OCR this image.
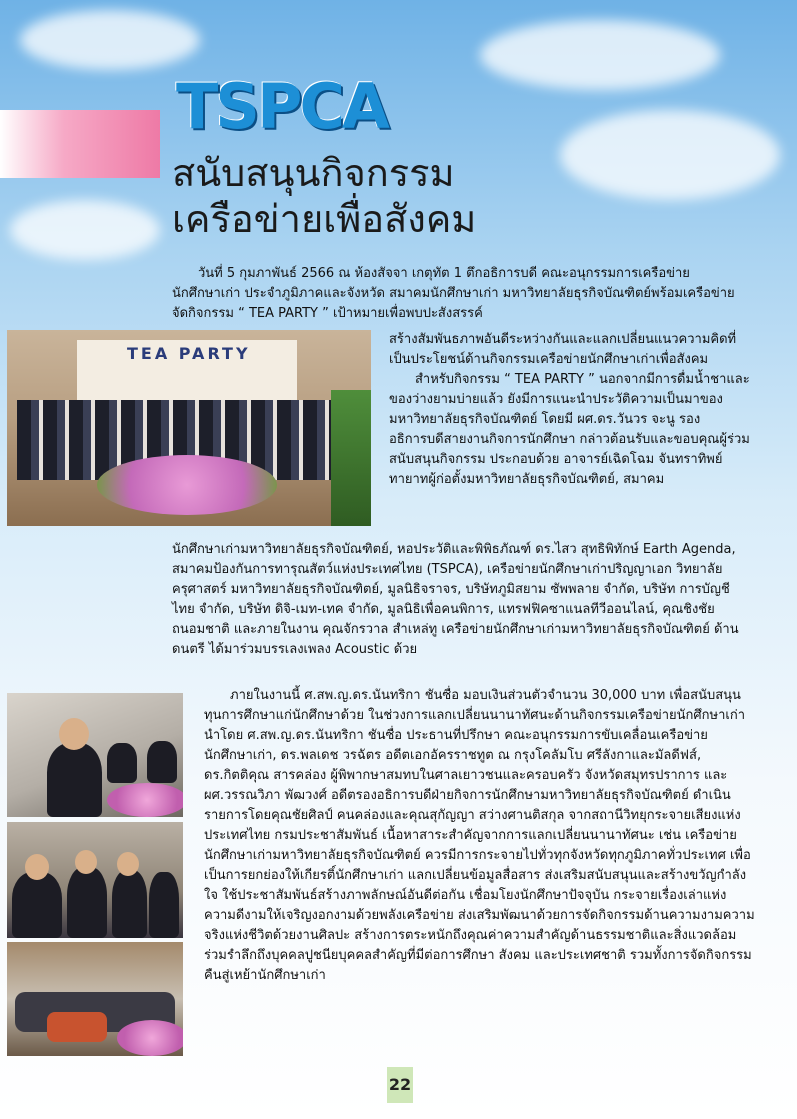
TSPCA
สนับสนุนกิจกรรม
เครือข่ายเพื่อสังคม
วันที่ 5 กุมภาพันธ์ 2566 ณ ห้องสัจจา เกตุทัต 1 ตึกอธิการบดี คณะอนุกรรมการเครือข่ายนักศึกษาเก่า ประจำภูมิภาคและจังหวัด สมาคมนักศึกษาเก่า มหาวิทยาลัยธุรกิจบัณฑิตย์พร้อมเครือข่าย จัดกิจกรรม “ TEA PARTY ” เป้าหมายเพื่อพบปะสังสรรค์
TEA PARTY

สร้างสัมพันธภาพอันดีระหว่างกันและแลกเปลี่ยนแนวความคิดที่เป็นประโยชน์ด้านกิจกรรมเครือข่ายนักศึกษาเก่าเพื่อสังคม

สำหรับกิจกรรม “ TEA PARTY ” นอกจากมีการดื่มน้ำชาและของว่างยามบ่ายแล้ว ยังมีการแนะนำประวัติความเป็นมาของมหาวิทยาลัยธุรกิจบัณฑิตย์ โดยมี ผศ.ดร.วันวร จะนู รองอธิการบดีสายงานกิจการนักศึกษา กล่าวต้อนรับและขอบคุณผู้ร่วมสนับสนุนกิจกรรม ประกอบด้วย อาจารย์เฉิดโฉม จันทราทิพย์ ทายาทผู้ก่อตั้งมหาวิทยาลัยธุรกิจบัณฑิตย์, สมาคม

นักศึกษาเก่ามหาวิทยาลัยธุรกิจบัณฑิตย์, หอประวัติและพิพิธภัณฑ์ ดร.ไสว สุทธิพิทักษ์ Earth Agenda, สมาคมป้องกันการทารุณสัตว์แห่งประเทศไทย (TSPCA), เครือข่ายนักศึกษาเก่าปริญญาเอก วิทยาลัยครุศาสตร์ มหาวิทยาลัยธุรกิจบัณฑิตย์, มูลนิธิจราจร, บริษัทภูมิสยาม ซัพพลาย จำกัด, บริษัท การบัญชีไทย จำกัด, บริษัท ดิจิ-เมท-เทค จำกัด, มูลนิธิเพื่อคนพิการ, แทรฟฟิคซาแนลทีวีออนไลน์, คุณชิงชัย ถนอมชาติ และภายในงาน คุณจักรวาล สำเหล่ทู เครือข่ายนักศึกษาเก่ามหาวิทยาลัยธุรกิจบัณฑิตย์ ด้านดนตรี ได้มาร่วมบรรเลงเพลง Acoustic ด้วย
ภายในงานนี้ ศ.สพ.ญ.ดร.นันทริกา ชันซื่อ มอบเงินส่วนตัวจำนวน 30,000 บาท เพื่อสนับสนุนทุนการศึกษาแก่นักศึกษาด้วย ในช่วงการแลกเปลี่ยนนานาทัศนะด้านกิจกรรมเครือข่ายนักศึกษาเก่า นำโดย ศ.สพ.ญ.ดร.นันทริกา ชันซื่อ ประธานที่ปรึกษา คณะอนุกรรมการขับเคลื่อนเครือข่ายนักศึกษาเก่า, ดร.พลเดช วรฉัตร อดีตเอกอัครราชทูต ณ กรุงโคลัมโบ ศรีลังกาและมัลดีฟส์, ดร.กิตติคุณ สารคล่อง ผู้พิพากษาสมทบในศาลเยาวชนและครอบครัว จังหวัดสมุทรปราการ และ ผศ.วรรณวิภา พัฒวงศ์ อดีตรองอธิการบดีฝ่ายกิจการนักศึกษามหาวิทยาลัยธุรกิจบัณฑิตย์ ดำเนินรายการโดยคุณชัยศิลป์ คนคล่องและคุณสุกัญญา สว่างศานติสกุล จากสถานีวิทยุกระจายเสียงแห่งประเทศไทย กรมประชาสัมพันธ์ เนื้อหาสาระสำคัญจากการแลกเปลี่ยนนานาทัศนะ เช่น เครือข่ายนักศึกษาเก่ามหาวิทยาลัยธุรกิจบัณฑิตย์ ควรมีการกระจายไปทั่วทุกจังหวัดทุกภูมิภาคทั่วประเทศ เพื่อเป็นการยกย่องให้เกียรติ์นักศึกษาเก่า แลกเปลี่ยนข้อมูลสื่อสาร ส่งเสริมสนับสนุนและสร้างขวัญกำลังใจ ใช้ประชาสัมพันธ์สร้างภาพลักษณ์อันดีต่อกัน เชื่อมโยงนักศึกษาปัจจุบัน กระจายเรื่องเล่าแห่งความดีงามให้เจริญงอกงามด้วยพลังเครือข่าย ส่งเสริมพัฒนาด้วยการจัดกิจกรรมด้านความงามความจริงแห่งชีวิตด้วยงานศิลปะ สร้างการตระหนักถึงคุณค่าความสำคัญด้านธรรมชาติและสิ่งแวดล้อม ร่วมรำลึกถึงบุคคลปูชนียบุคคลสำคัญที่มีต่อการศึกษา สังคม และประเทศชาติ รวมทั้งการจัดกิจกรรมคืนสู่เหย้านักศึกษาเก่า
22
